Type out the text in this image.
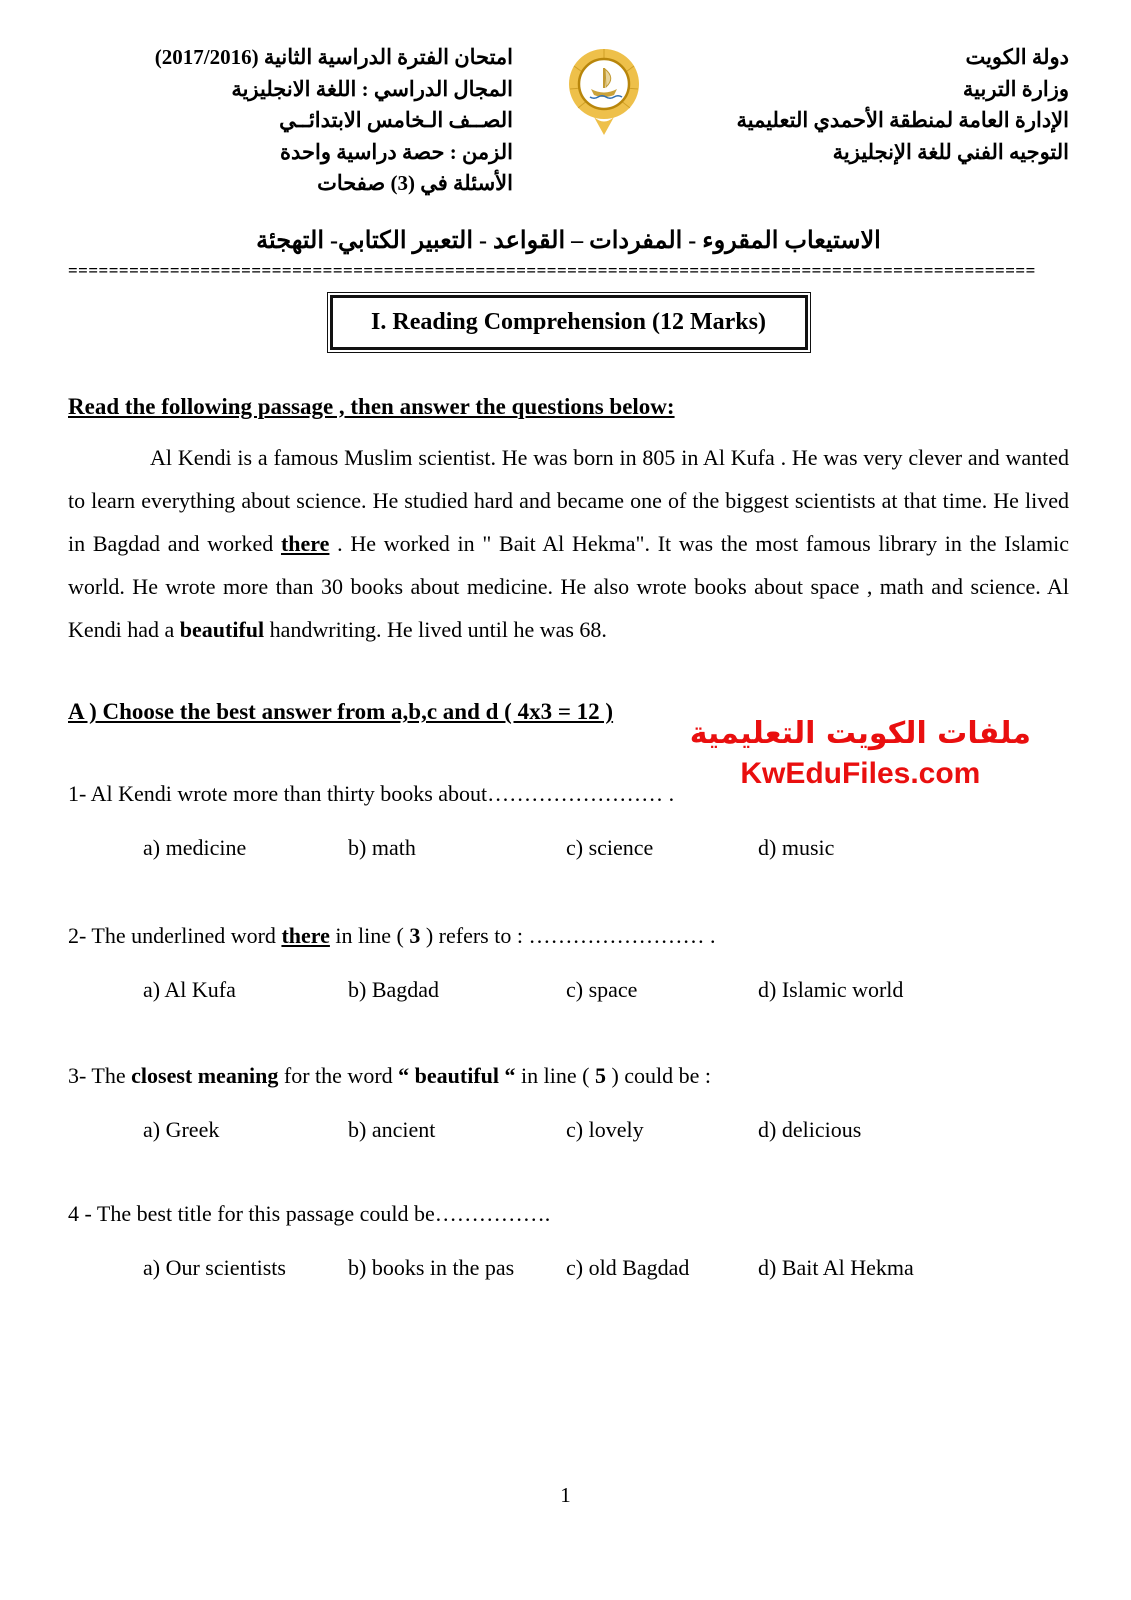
امتحان الفترة الدراسية الثانية (2017/2016)
المجال الدراسي : اللغة الانجليزية
الصــف الـخامس الابتدائــي
الزمن : حصة دراسية واحدة
الأسئلة في (3) صفحات
دولة الكويت
وزارة التربية
الإدارة العامة لمنطقة الأحمدي التعليمية
التوجيه الفني للغة الإنجليزية
الاستيعاب المقروء - المفردات – القواعد - التعبير الكتابي- التهجئة
===============================================================================================
I. Reading Comprehension (12 Marks)
Read the following passage , then answer the questions below:

Al Kendi is a famous Muslim scientist. He was born in 805 in Al Kufa . He was very clever and wanted to learn everything about science. He studied hard and became one of the biggest scientists at that time. He lived in Bagdad and worked there . He worked in " Bait Al Hekma". It was the most famous library in the Islamic world. He wrote more than 30 books about medicine. He also wrote books about space , math and science. Al Kendi had a beautiful handwriting. He lived until he was 68.

ملفات الكويت التعليمية
KwEduFiles.com
A ) Choose the best answer from a,b,c and d ( 4x3 = 12 )

1- Al Kendi wrote more than thirty books about…………………… .

a) medicine	b) math	c) science	d) music

2- The underlined word there in line ( 3 ) refers to : …………………… .

a) Al Kufa	b) Bagdad	c) space	d) Islamic world

3- The closest meaning for the word “ beautiful “ in line ( 5 ) could be :

a) Greek	b) ancient	c) lovely	d) delicious

4 - The best title for this passage could be…………….

a) Our scientists	b) books in the pas	c) old Bagdad	d) Bait Al Hekma
1
